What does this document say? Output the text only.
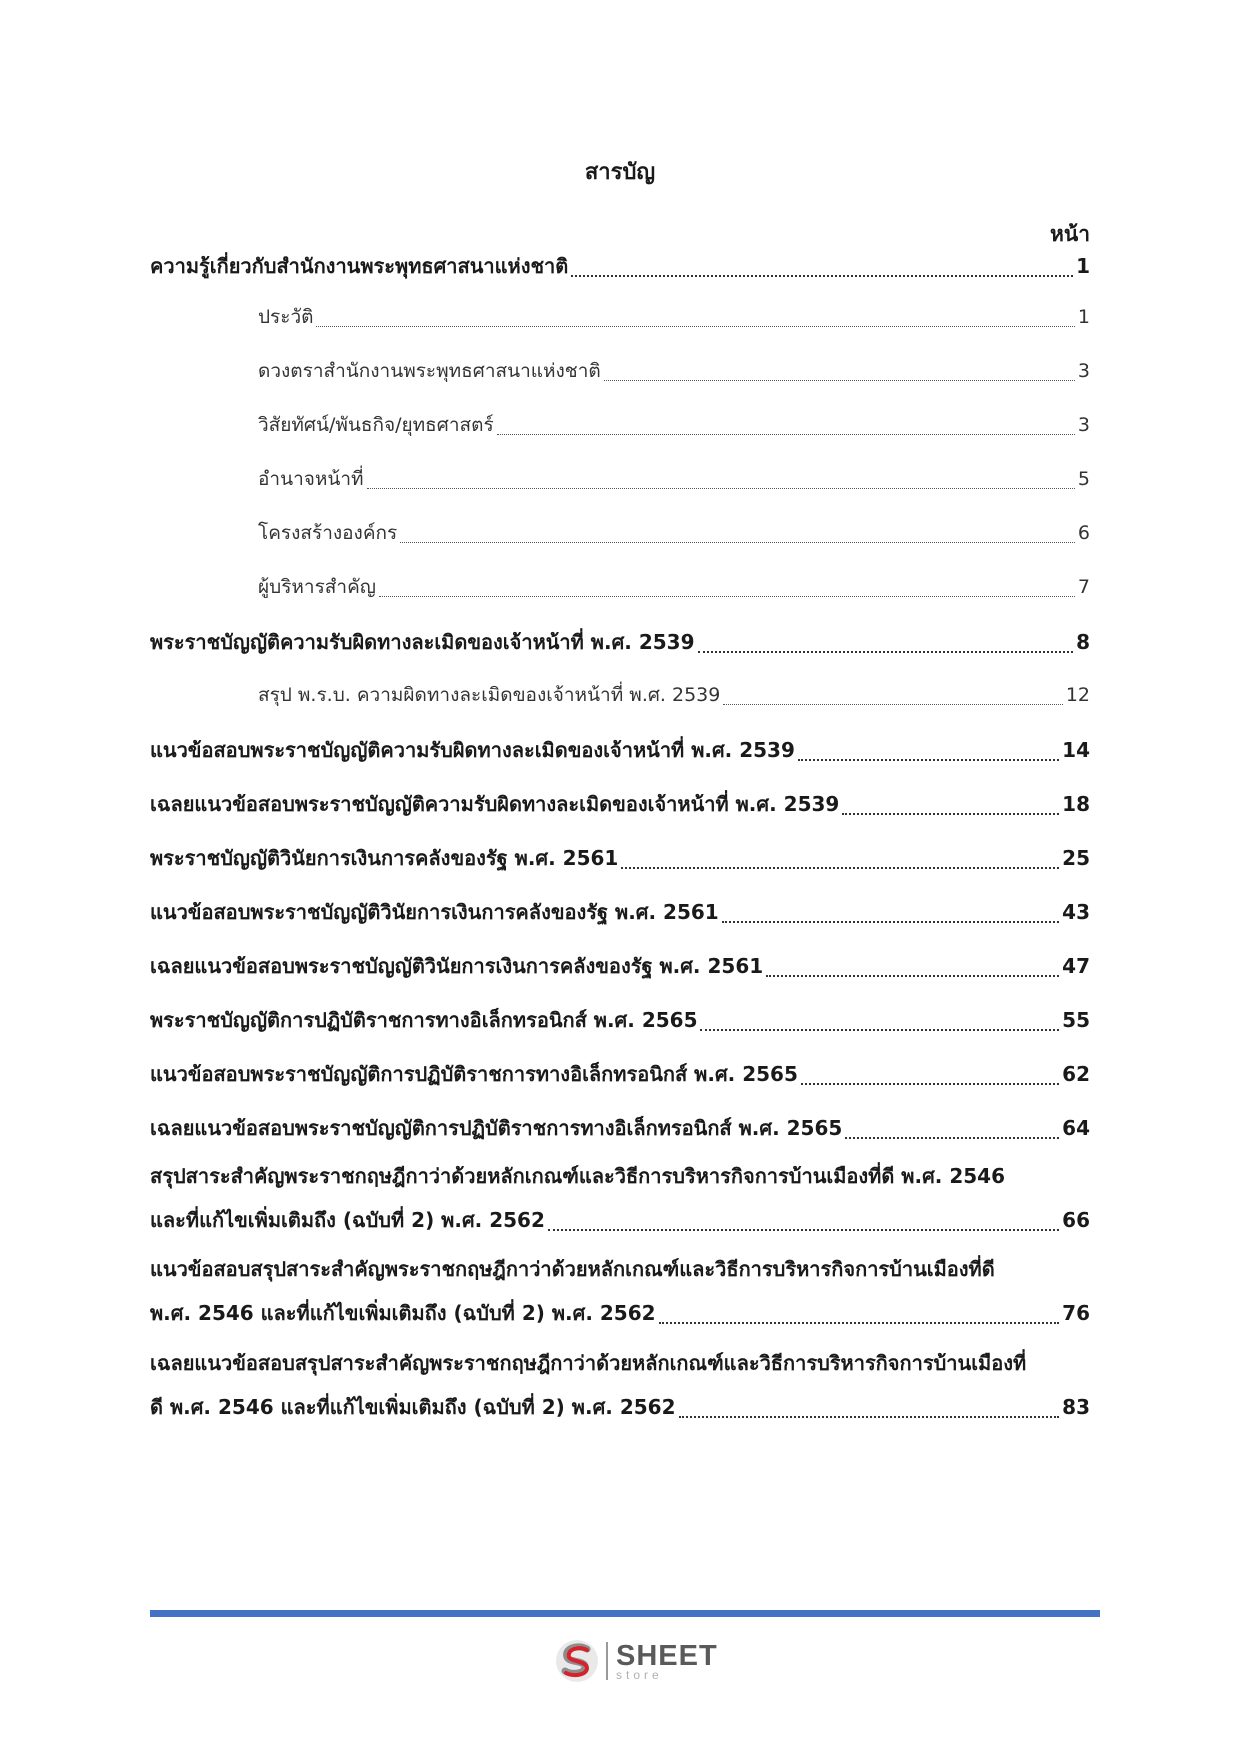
สารบัญ
หน้า
ความรู้เกี่ยวกับสำนักงานพระพุทธศาสนาแห่งชาติ	1
ประวัติ	1
ดวงตราสำนักงานพระพุทธศาสนาแห่งชาติ	3
วิสัยทัศน์/พันธกิจ/ยุทธศาสตร์	3
อำนาจหน้าที่	5
โครงสร้างองค์กร	6
ผู้บริหารสำคัญ	7
พระราชบัญญัติความรับผิดทางละเมิดของเจ้าหน้าที่ พ.ศ. 2539	8
สรุป พ.ร.บ. ความผิดทางละเมิดของเจ้าหน้าที่ พ.ศ. 2539	12
แนวข้อสอบพระราชบัญญัติความรับผิดทางละเมิดของเจ้าหน้าที่ พ.ศ. 2539	14
เฉลยแนวข้อสอบพระราชบัญญัติความรับผิดทางละเมิดของเจ้าหน้าที่ พ.ศ. 2539	18
พระราชบัญญัติวินัยการเงินการคลังของรัฐ พ.ศ. 2561	25
แนวข้อสอบพระราชบัญญัติวินัยการเงินการคลังของรัฐ พ.ศ. 2561	43
เฉลยแนวข้อสอบพระราชบัญญัติวินัยการเงินการคลังของรัฐ พ.ศ. 2561	47
พระราชบัญญัติการปฏิบัติราชการทางอิเล็กทรอนิกส์ พ.ศ. 2565	55
แนวข้อสอบพระราชบัญญัติการปฏิบัติราชการทางอิเล็กทรอนิกส์ พ.ศ. 2565	62
เฉลยแนวข้อสอบพระราชบัญญัติการปฏิบัติราชการทางอิเล็กทรอนิกส์ พ.ศ. 2565	64
สรุปสาระสำคัญพระราชกฤษฎีกาว่าด้วยหลักเกณฑ์และวิธีการบริหารกิจการบ้านเมืองที่ดี พ.ศ. 2546
และที่แก้ไขเพิ่มเติมถึง (ฉบับที่ 2) พ.ศ. 2562	66
แนวข้อสอบสรุปสาระสำคัญพระราชกฤษฎีกาว่าด้วยหลักเกณฑ์และวิธีการบริหารกิจการบ้านเมืองที่ดี
พ.ศ. 2546 และที่แก้ไขเพิ่มเติมถึง (ฉบับที่ 2) พ.ศ. 2562	76
เฉลยแนวข้อสอบสรุปสาระสำคัญพระราชกฤษฎีกาว่าด้วยหลักเกณฑ์และวิธีการบริหารกิจการบ้านเมืองที่
ดี พ.ศ. 2546 และที่แก้ไขเพิ่มเติมถึง (ฉบับที่ 2) พ.ศ. 2562	83
SHEET
store
